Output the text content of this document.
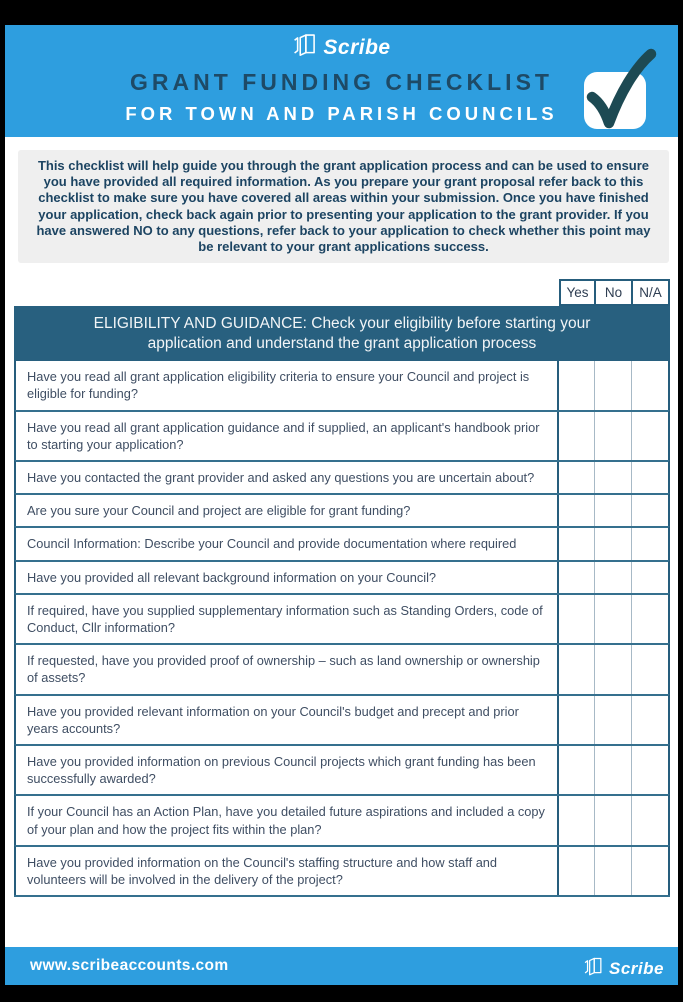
Scribe
GRANT FUNDING CHECKLIST
FOR TOWN AND PARISH COUNCILS
This checklist will help guide you through the grant application process and can be used to ensure you have provided all required information. As you prepare your grant proposal refer back to this checklist to make sure you have covered all areas within your submission. Once you have finished your application, check back again prior to presenting your application to the grant provider. If you have answered NO to any questions, refer back to your application to check whether this point may be relevant to your grant applications success.
Yes	No	N/A
ELIGIBILITY AND GUIDANCE: Check your eligibility before starting your application and understand the grant application process
Have you read all grant application eligibility criteria to ensure your Council and project is eligible for funding?
Have you read all grant application guidance and if supplied, an applicant's handbook prior to starting your application?
Have you contacted the grant provider and asked any questions you are uncertain about?
Are you sure your Council and project are eligible for grant funding?
Council Information: Describe your Council and provide documentation where required
Have you provided all relevant background information on your Council?
If required, have you supplied supplementary information such as Standing Orders, code of Conduct, Cllr information?
If requested, have you provided proof of ownership – such as land ownership or ownership of assets?
Have you provided relevant information on your Council's budget and precept and prior years accounts?
Have you provided information on previous Council projects which grant funding has been successfully awarded?
If your Council has an Action Plan, have you detailed future aspirations and included a copy of your plan and how the project fits within the plan?
Have you provided information on the Council's staffing structure and how staff and volunteers will be involved in the delivery of the project?
www.scribeaccounts.com	Scribe
